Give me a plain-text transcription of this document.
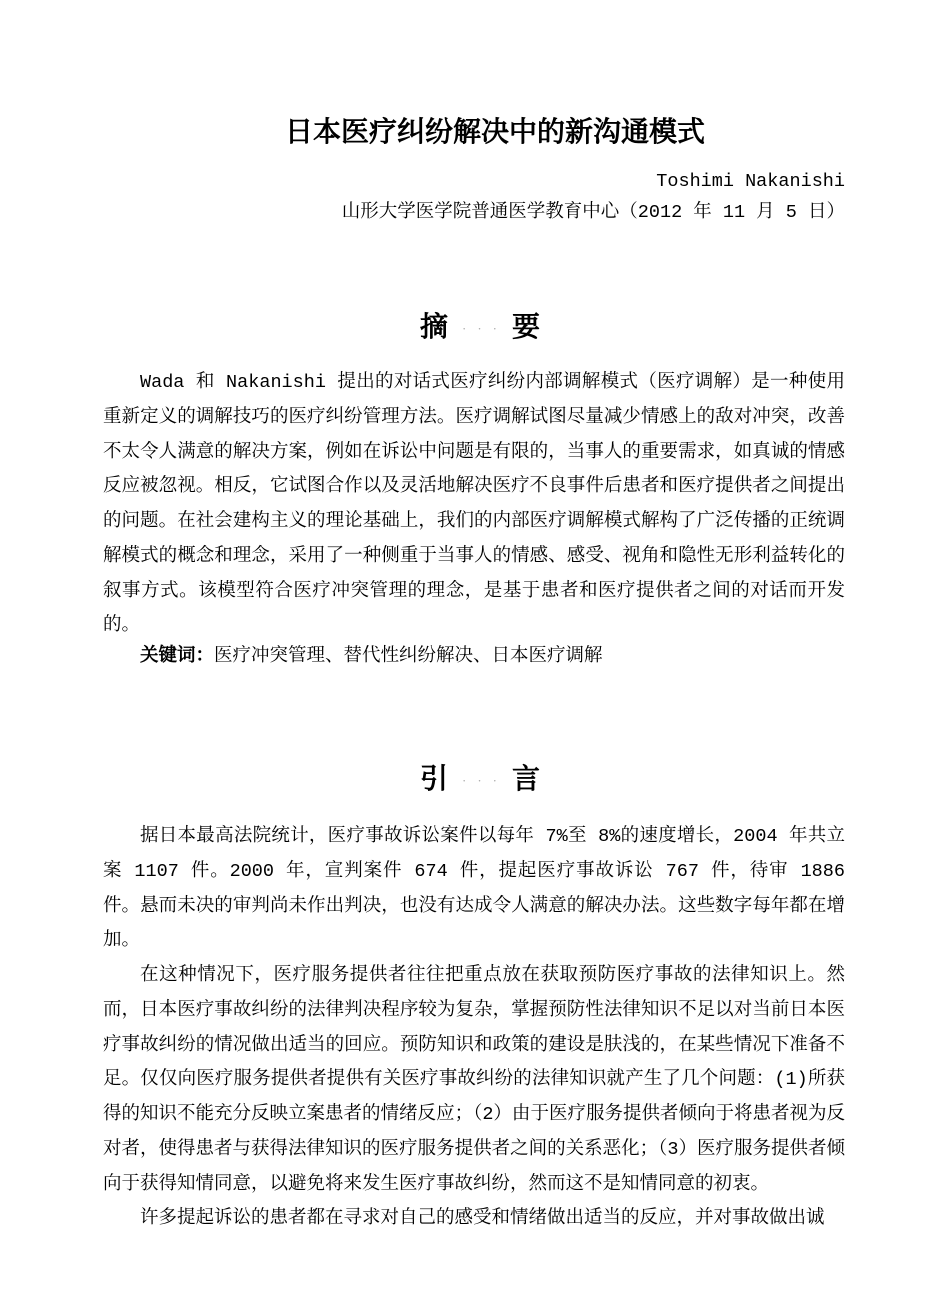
日本医疗纠纷解决中的新沟通模式
Toshimi Nakanishi
山形大学医学院普通医学教育中心（2012 年 11 月 5 日）
摘 ··· 要

Wada 和 Nakanishi 提出的对话式医疗纠纷内部调解模式（医疗调解）是一种使用重新定义的调解技巧的医疗纠纷管理方法。医疗调解试图尽量减少情感上的敌对冲突，改善不太令人满意的解决方案，例如在诉讼中问题是有限的，当事人的重要需求，如真诚的情感反应被忽视。相反，它试图合作以及灵活地解决医疗不良事件后患者和医疗提供者之间提出的问题。在社会建构主义的理论基础上，我们的内部医疗调解模式解构了广泛传播的正统调解模式的概念和理念，采用了一种侧重于当事人的情感、感受、视角和隐性无形利益转化的叙事方式。该模型符合医疗冲突管理的理念，是基于患者和医疗提供者之间的对话而开发的。

关键词：医疗冲突管理、替代性纠纷解决、日本医疗调解
引 ··· 言

据日本最高法院统计，医疗事故诉讼案件以每年 7%至 8%的速度增长，2004 年共立案 1107 件。2000 年，宣判案件 674 件，提起医疗事故诉讼 767 件，待审 1886 件。悬而未决的审判尚未作出判决，也没有达成令人满意的解决办法。这些数字每年都在增加。

在这种情况下，医疗服务提供者往往把重点放在获取预防医疗事故的法律知识上。然而，日本医疗事故纠纷的法律判决程序较为复杂，掌握预防性法律知识不足以对当前日本医疗事故纠纷的情况做出适当的回应。预防知识和政策的建设是肤浅的，在某些情况下准备不足。仅仅向医疗服务提供者提供有关医疗事故纠纷的法律知识就产生了几个问题：(1)所获得的知识不能充分反映立案患者的情绪反应；（2）由于医疗服务提供者倾向于将患者视为反对者，使得患者与获得法律知识的医疗服务提供者之间的关系恶化；（3）医疗服务提供者倾向于获得知情同意，以避免将来发生医疗事故纠纷，然而这不是知情同意的初衷。

许多提起诉讼的患者都在寻求对自己的感受和情绪做出适当的反应，并对事故做出诚
